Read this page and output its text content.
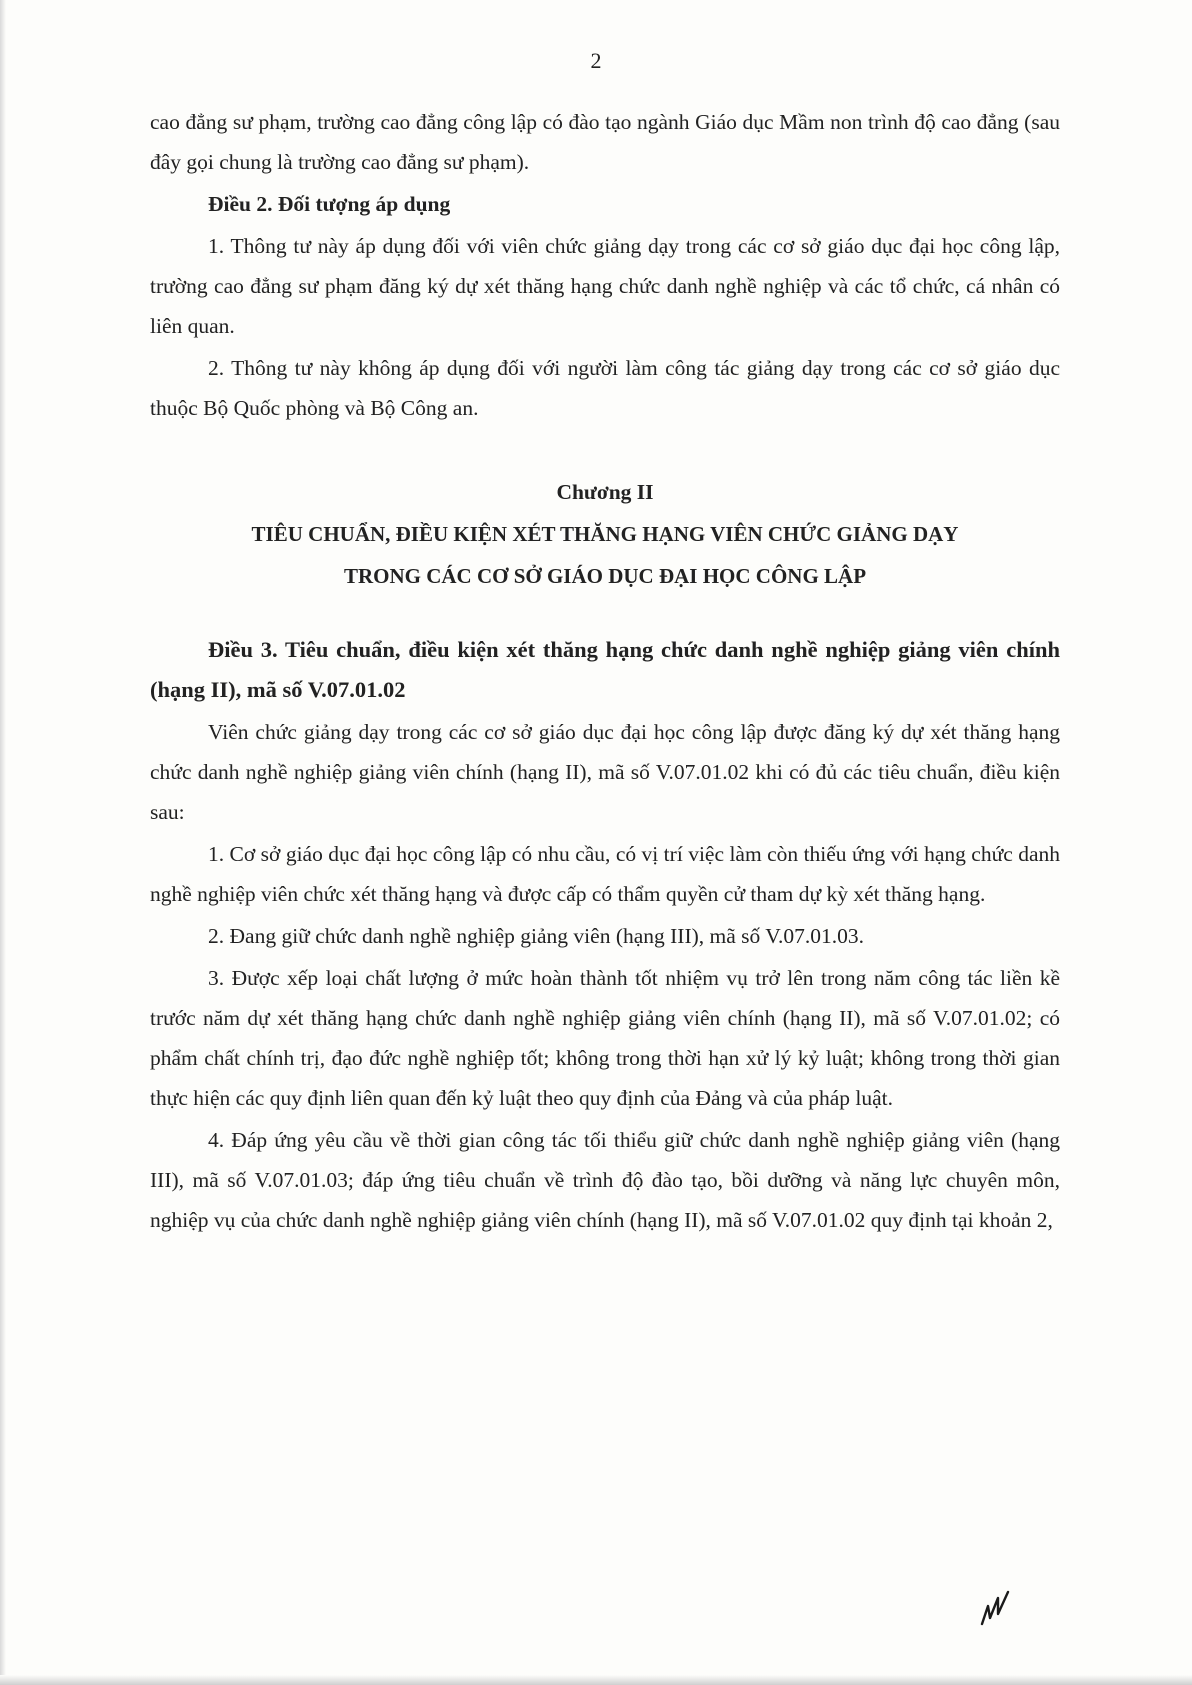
2

cao đẳng sư phạm, trường cao đẳng công lập có đào tạo ngành Giáo dục Mầm non trình độ cao đẳng (sau đây gọi chung là trường cao đẳng sư phạm).

Điều 2. Đối tượng áp dụng

1. Thông tư này áp dụng đối với viên chức giảng dạy trong các cơ sở giáo dục đại học công lập, trường cao đẳng sư phạm đăng ký dự xét thăng hạng chức danh nghề nghiệp và các tổ chức, cá nhân có liên quan.

2. Thông tư này không áp dụng đối với người làm công tác giảng dạy trong các cơ sở giáo dục thuộc Bộ Quốc phòng và Bộ Công an.

Chương II

TIÊU CHUẨN, ĐIỀU KIỆN XÉT THĂNG HẠNG VIÊN CHỨC GIẢNG DẠY

TRONG CÁC CƠ SỞ GIÁO DỤC ĐẠI HỌC CÔNG LẬP

Điều 3. Tiêu chuẩn, điều kiện xét thăng hạng chức danh nghề nghiệp giảng viên chính (hạng II), mã số V.07.01.02

Viên chức giảng dạy trong các cơ sở giáo dục đại học công lập được đăng ký dự xét thăng hạng chức danh nghề nghiệp giảng viên chính (hạng II), mã số V.07.01.02 khi có đủ các tiêu chuẩn, điều kiện sau:

1. Cơ sở giáo dục đại học công lập có nhu cầu, có vị trí việc làm còn thiếu ứng với hạng chức danh nghề nghiệp viên chức xét thăng hạng và được cấp có thẩm quyền cử tham dự kỳ xét thăng hạng.

2. Đang giữ chức danh nghề nghiệp giảng viên (hạng III), mã số V.07.01.03.

3. Được xếp loại chất lượng ở mức hoàn thành tốt nhiệm vụ trở lên trong năm công tác liền kề trước năm dự xét thăng hạng chức danh nghề nghiệp giảng viên chính (hạng II), mã số V.07.01.02; có phẩm chất chính trị, đạo đức nghề nghiệp tốt; không trong thời hạn xử lý kỷ luật; không trong thời gian thực hiện các quy định liên quan đến kỷ luật theo quy định của Đảng và của pháp luật.

4. Đáp ứng yêu cầu về thời gian công tác tối thiểu giữ chức danh nghề nghiệp giảng viên (hạng III), mã số V.07.01.03; đáp ứng tiêu chuẩn về trình độ đào tạo, bồi dưỡng và năng lực chuyên môn, nghiệp vụ của chức danh nghề nghiệp giảng viên chính (hạng II), mã số V.07.01.02 quy định tại khoản 2,
